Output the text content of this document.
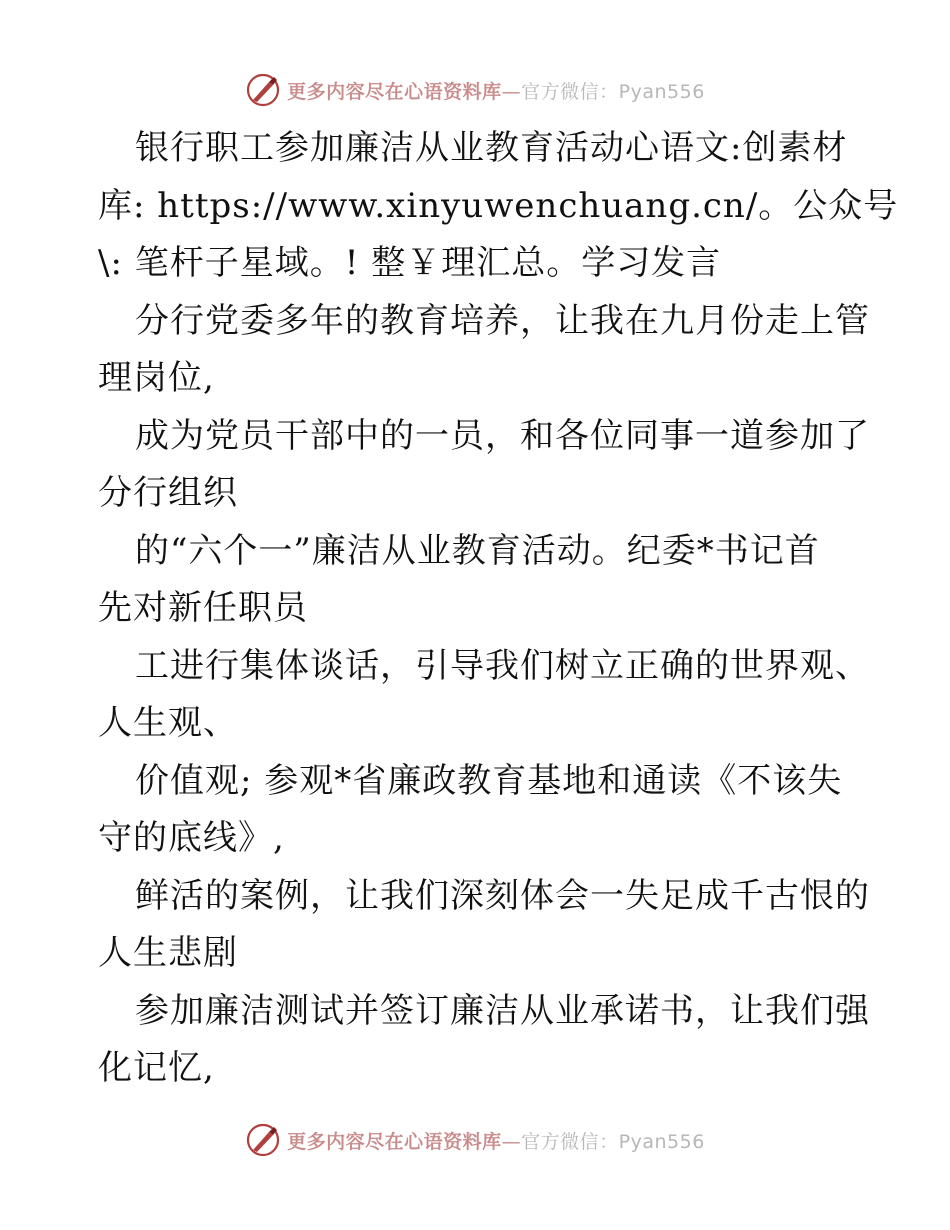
更多内容尽在心语资料库—官方微信：Pyan556
银行职工参加廉洁从业教育活动心语文:创素材
库: https://www.xinyuwenchuang.cn/。公众号
\: 笔杆子星域。! 整￥理汇总。学习发言
分行党委多年的教育培养，让我在九月份走上管
理岗位,
成为党员干部中的一员，和各位同事一道参加了
分行组织
的“六个一”廉洁从业教育活动。纪委*书记首
先对新任职员
工进行集体谈话，引导我们树立正确的世界观、
人生观、
价值观; 参观*省廉政教育基地和通读《不该失
守的底线》,
鲜活的案例，让我们深刻体会一失足成千古恨的
人生悲剧
参加廉洁测试并签订廉洁从业承诺书，让我们强
化记忆,
更多内容尽在心语资料库—官方微信：Pyan556
